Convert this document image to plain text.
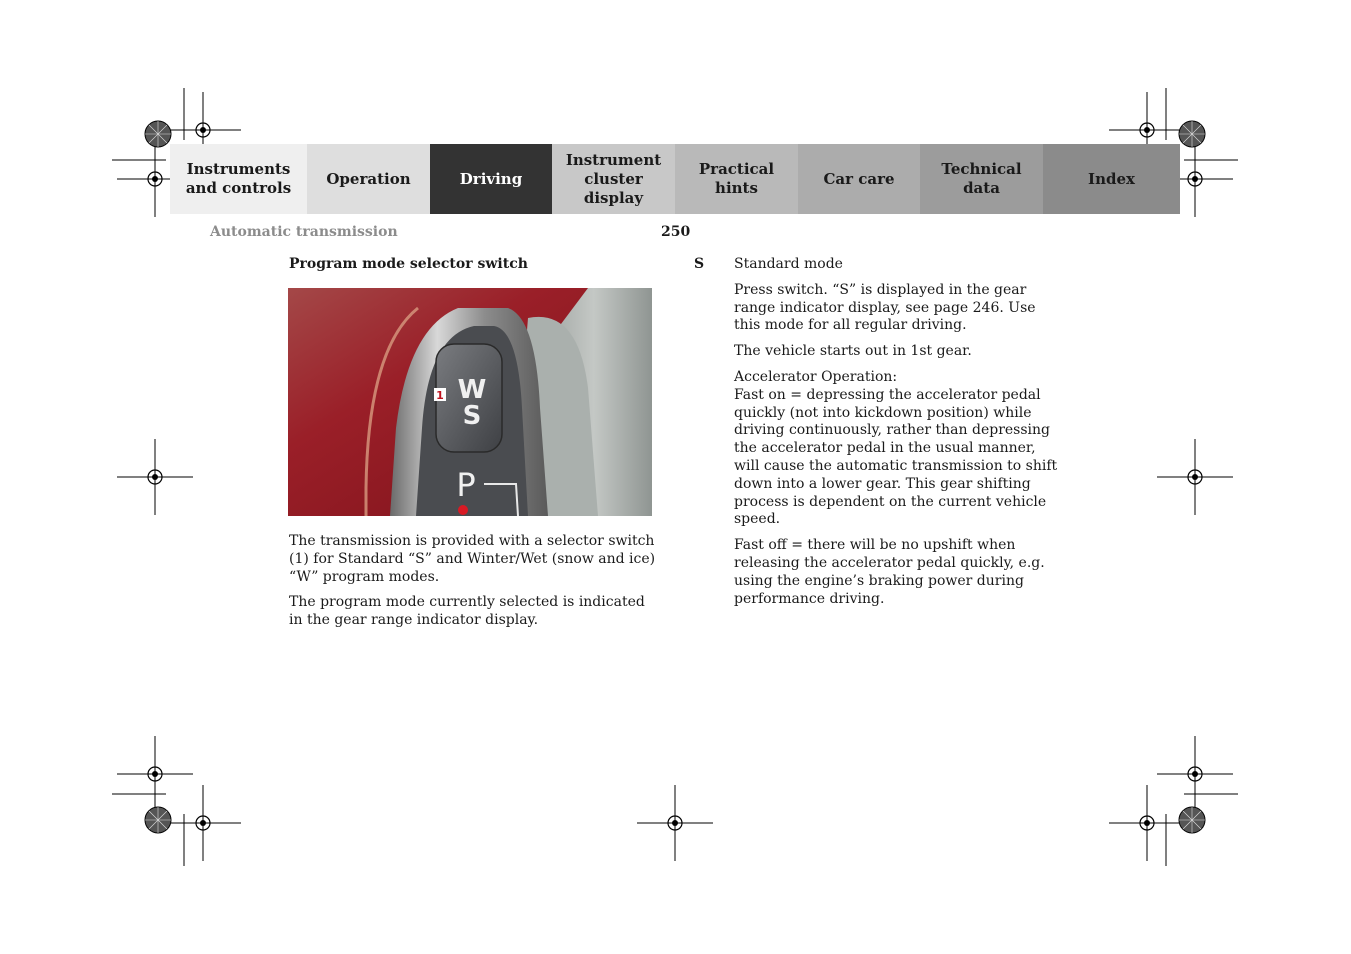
Instruments
and controls
Operation	Driving
Instrument
cluster display
Practical hints
Car care
Technical
data
Index
Automatic transmission	250
Program mode selector switch
W
S
1
P

The transmission is provided with a selector switch (1) for Standard “S” and Winter/Wet (snow and ice) “W” program modes.

The program mode currently selected is indicated in the gear range indicator display.

S Standard mode

Press switch. “S” is displayed in the gear range indicator display, see page 246. Use this mode for all regular driving.

The vehicle starts out in 1st gear.

Accelerator Operation:
Fast on = depressing the accelerator pedal quickly (not into kickdown position) while driving continuously, rather than depressing the accelerator pedal in the usual manner, will cause the automatic transmission to shift down into a lower gear. This gear shifting process is dependent on the current vehicle speed.

Fast off = there will be no upshift when releasing the accelerator pedal quickly, e.g. using the engine’s braking power during performance driving.
